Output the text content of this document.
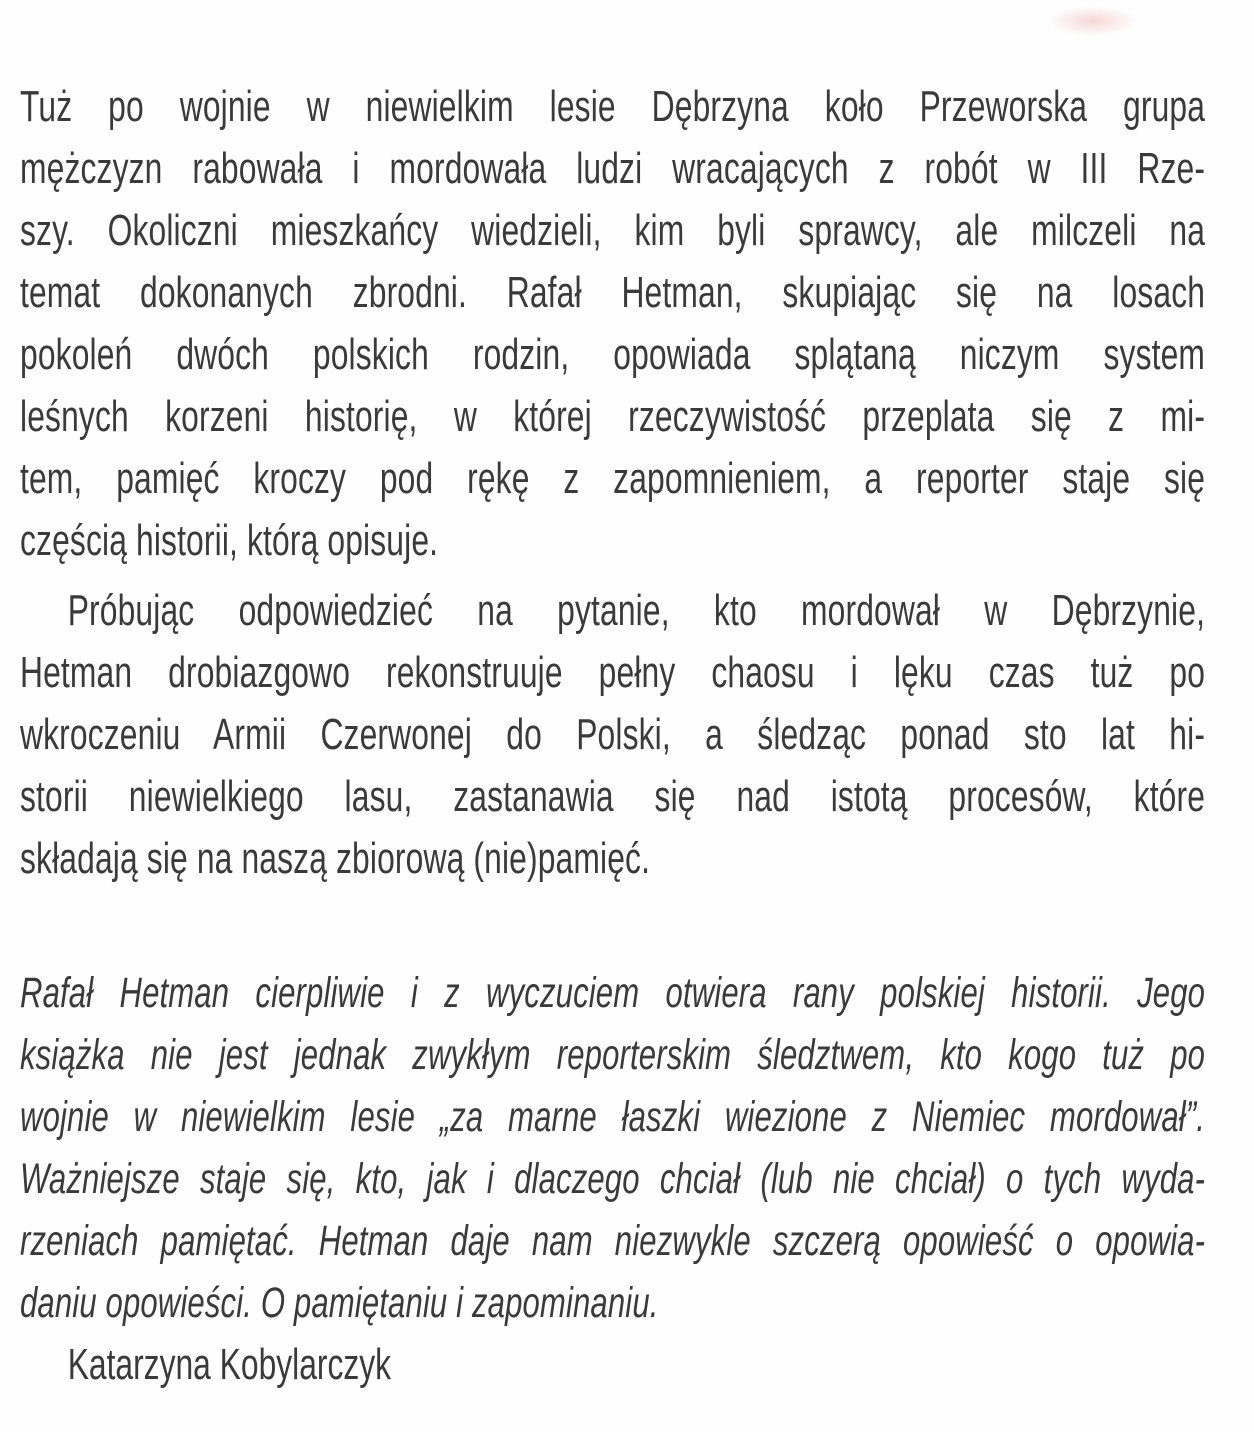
Tuż po wojnie w niewielkim lesie Dębrzyna koło Przeworska grupa
mężczyzn rabowała i mordowała ludzi wracających z robót w III Rze-
szy. Okoliczni mieszkańcy wiedzieli, kim byli sprawcy, ale milczeli na
temat dokonanych zbrodni. Rafał Hetman, skupiając się na losach
pokoleń dwóch polskich rodzin, opowiada splątaną niczym system
leśnych korzeni historię, w której rzeczywistość przeplata się z mi-
tem, pamięć kroczy pod rękę z zapomnieniem, a reporter staje się
częścią historii, którą opisuje.

Próbując odpowiedzieć na pytanie, kto mordował w Dębrzynie,
Hetman drobiazgowo rekonstruuje pełny chaosu i lęku czas tuż po
wkroczeniu Armii Czerwonej do Polski, a śledząc ponad sto lat hi-
storii niewielkiego lasu, zastanawia się nad istotą procesów, które
składają się na naszą zbiorową (nie)pamięć.

Rafał Hetman cierpliwie i z wyczuciem otwiera rany polskiej historii. Jego
książka nie jest jednak zwykłym reporterskim śledztwem, kto kogo tuż po
wojnie w niewielkim lesie „za marne łaszki wiezione z Niemiec mordował”.
Ważniejsze staje się, kto, jak i dlaczego chciał (lub nie chciał) o tych wyda-
rzeniach pamiętać. Hetman daje nam niezwykle szczerą opowieść o opowia-
daniu opowieści. O pamiętaniu i zapominaniu.

Katarzyna Kobylarczyk
